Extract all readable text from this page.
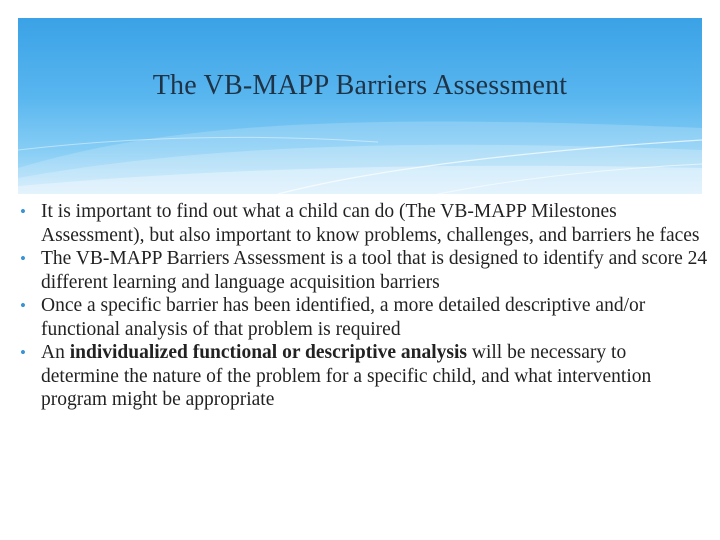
The VB-MAPP Barriers Assessment
• It is important to find out what a child can do (The VB-MAPP Milestones Assessment), but also important to know problems, challenges, and barriers he faces
• The VB-MAPP Barriers Assessment is a tool that is designed to identify and score 24 different learning and language acquisition barriers
• Once a specific barrier has been identified, a more detailed descriptive and/or functional analysis of that problem is required
• An individualized functional or descriptive analysis will be necessary to determine the nature of the problem for a specific child, and what intervention program might be appropriate
